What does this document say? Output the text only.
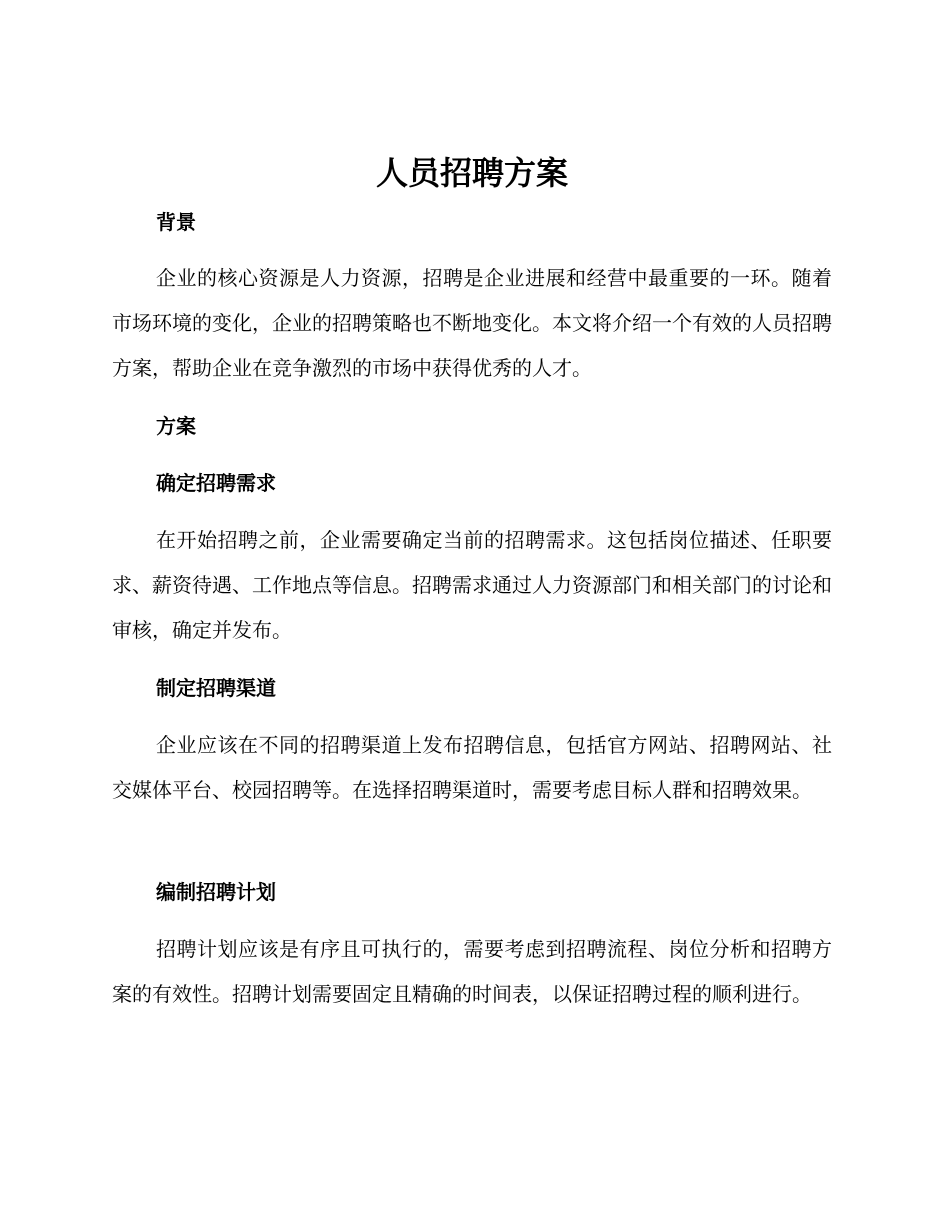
人员招聘方案
背景

企业的核心资源是人力资源，招聘是企业进展和经营中最重要的一环。随着市场环境的变化，企业的招聘策略也不断地变化。本文将介绍一个有效的人员招聘方案，帮助企业在竞争激烈的市场中获得优秀的人才。

方案
确定招聘需求

在开始招聘之前，企业需要确定当前的招聘需求。这包括岗位描述、任职要求、薪资待遇、工作地点等信息。招聘需求通过人力资源部门和相关部门的讨论和审核，确定并发布。

制定招聘渠道

企业应该在不同的招聘渠道上发布招聘信息，包括官方网站、招聘网站、社交媒体平台、校园招聘等。在选择招聘渠道时，需要考虑目标人群和招聘效果。

编制招聘计划

招聘计划应该是有序且可执行的，需要考虑到招聘流程、岗位分析和招聘方案的有效性。招聘计划需要固定且精确的时间表，以保证招聘过程的顺利进行。
